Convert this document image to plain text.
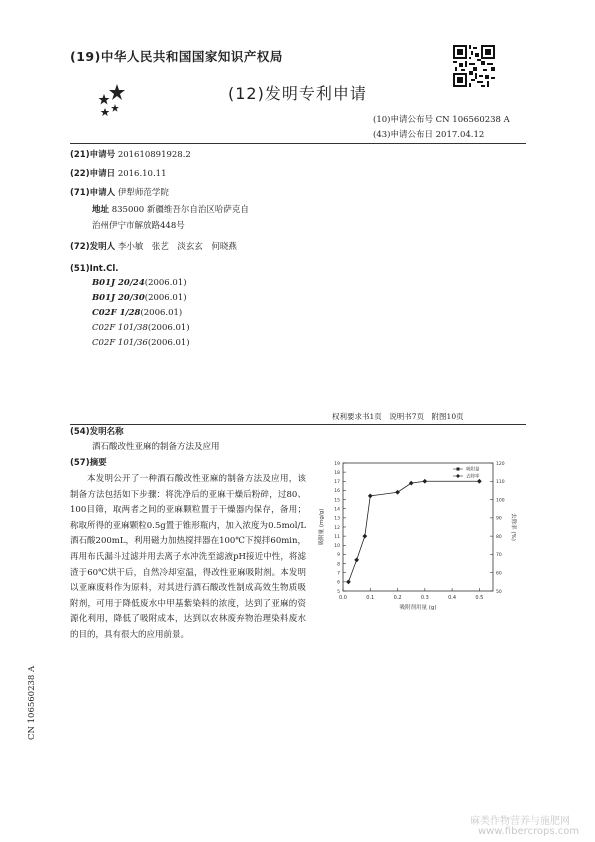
(19)中华人民共和国国家知识产权局
(12)发明专利申请
(10)申请公布号 CN 106560238 A
(43)申请公布日 2017.04.12
(21)申请号 201610891928.2
(22)申请日 2016.10.11
(71)申请人 伊犁师范学院
地址 835000 新疆维吾尔自治区哈萨克自
治州伊宁市解放路448号
(72)发明人 李小敏　张艺　淡玄玄　何晓燕
(51)Int.Cl.
B01J 20/24(2006.01)
B01J 20/30(2006.01)
C02F 1/28(2006.01)
C02F 101/38(2006.01)
C02F 101/36(2006.01)
权利要求书1页　说明书7页　附图10页
(54)发明名称
酒石酸改性亚麻的制备方法及应用
(57)摘要
本发明公开了一种酒石酸改性亚麻的制备方法及应用，该制备方法包括如下步骤：将洗净后的亚麻干燥后粉碎，过80、100目筛，取两者之间的亚麻颗粒置于干燥器内保存，备用；称取所得的亚麻颗粒0.5g置于锥形瓶内，加入浓度为0.5mol/L酒石酸200mL，利用磁力加热搅拌器在100℃下搅拌60min，再用布氏漏斗过滤并用去离子水冲洗至滤液pH接近中性，将滤渣于60℃烘干后，自然冷却室温，得改性亚麻吸附剂。本发明以亚麻废料作为原料，对其进行酒石酸改性制成高效生物质吸附剂，可用于降低废水中甲基紫染料的浓度，达到了亚麻的资源化利用，降低了吸附成本，达到以农林废弃物治理染料废水的目的，具有很大的应用前景。
0.0	0.1	0.2	0.3	0.4	0.5
5
6
7
8
9
10
11
12
13
14
15
16
17
18
19
50
60
70
80
90
100
110
120
吸附剂用量 (g)
吸附量 (mg/g)	去除率 (%)
吸附量
去除率
CN 106560238 A
麻类作物营养与施肥网
www.fibercrops.com
